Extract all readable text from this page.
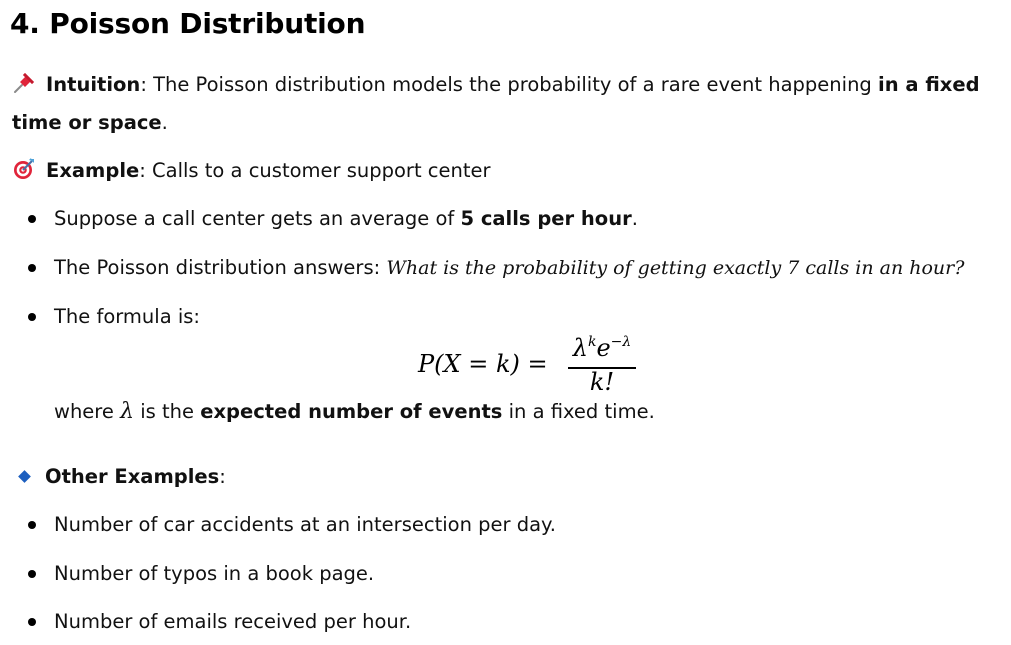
4. Poisson Distribution
Intuition: The Poisson distribution models the probability of a rare event happening in a fixed time or space.
Example: Calls to a customer support center
Suppose a call center gets an average of 5 calls per hour.
The Poisson distribution answers: What is the probability of getting exactly 7 calls in an hour?
The formula is:
P(X = k) =
$\lambda^ke^{-\lambda}$
k!
where λ is the expected number of events in a fixed time.
Other Examples:
Number of car accidents at an intersection per day.
Number of typos in a book page.
Number of emails received per hour.
